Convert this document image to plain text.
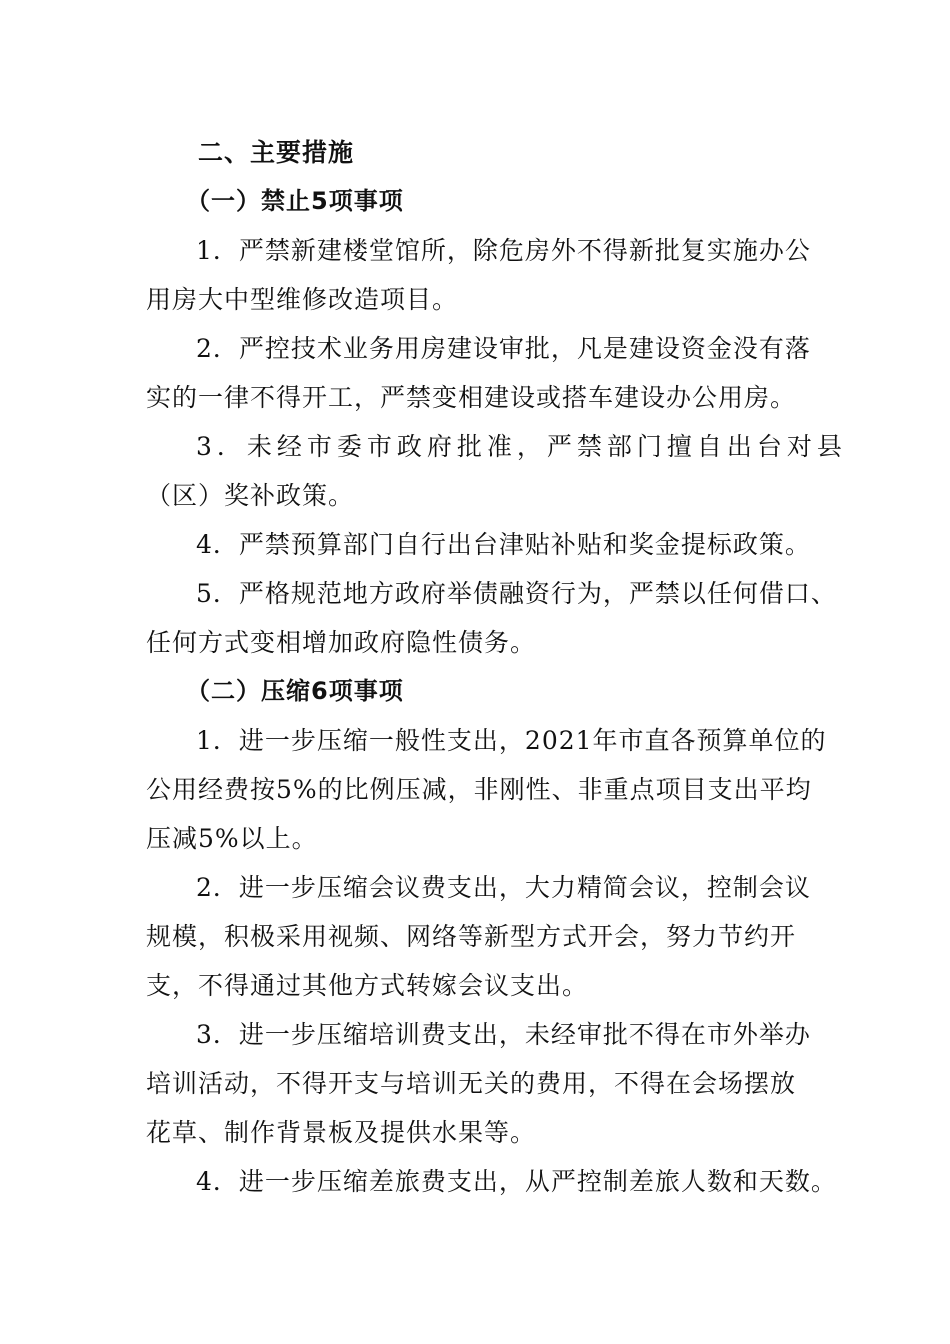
二、主要措施
（一）禁止5项事项
1．严禁新建楼堂馆所，除危房外不得新批复实施办公
用房大中型维修改造项目。
2．严控技术业务用房建设审批，凡是建设资金没有落
实的一律不得开工，严禁变相建设或搭车建设办公用房。
3．未经市委市政府批准，严禁部门擅自出台对县
（区）奖补政策。
4．严禁预算部门自行出台津贴补贴和奖金提标政策。
5．严格规范地方政府举债融资行为，严禁以任何借口、
任何方式变相增加政府隐性债务。
（二）压缩6项事项
1．进一步压缩一般性支出，2021年市直各预算单位的
公用经费按5%的比例压减，非刚性、非重点项目支出平均
压减5%以上。
2．进一步压缩会议费支出，大力精简会议，控制会议
规模，积极采用视频、网络等新型方式开会，努力节约开
支，不得通过其他方式转嫁会议支出。
3．进一步压缩培训费支出，未经审批不得在市外举办
培训活动，不得开支与培训无关的费用，不得在会场摆放
花草、制作背景板及提供水果等。
4．进一步压缩差旅费支出，从严控制差旅人数和天数。
